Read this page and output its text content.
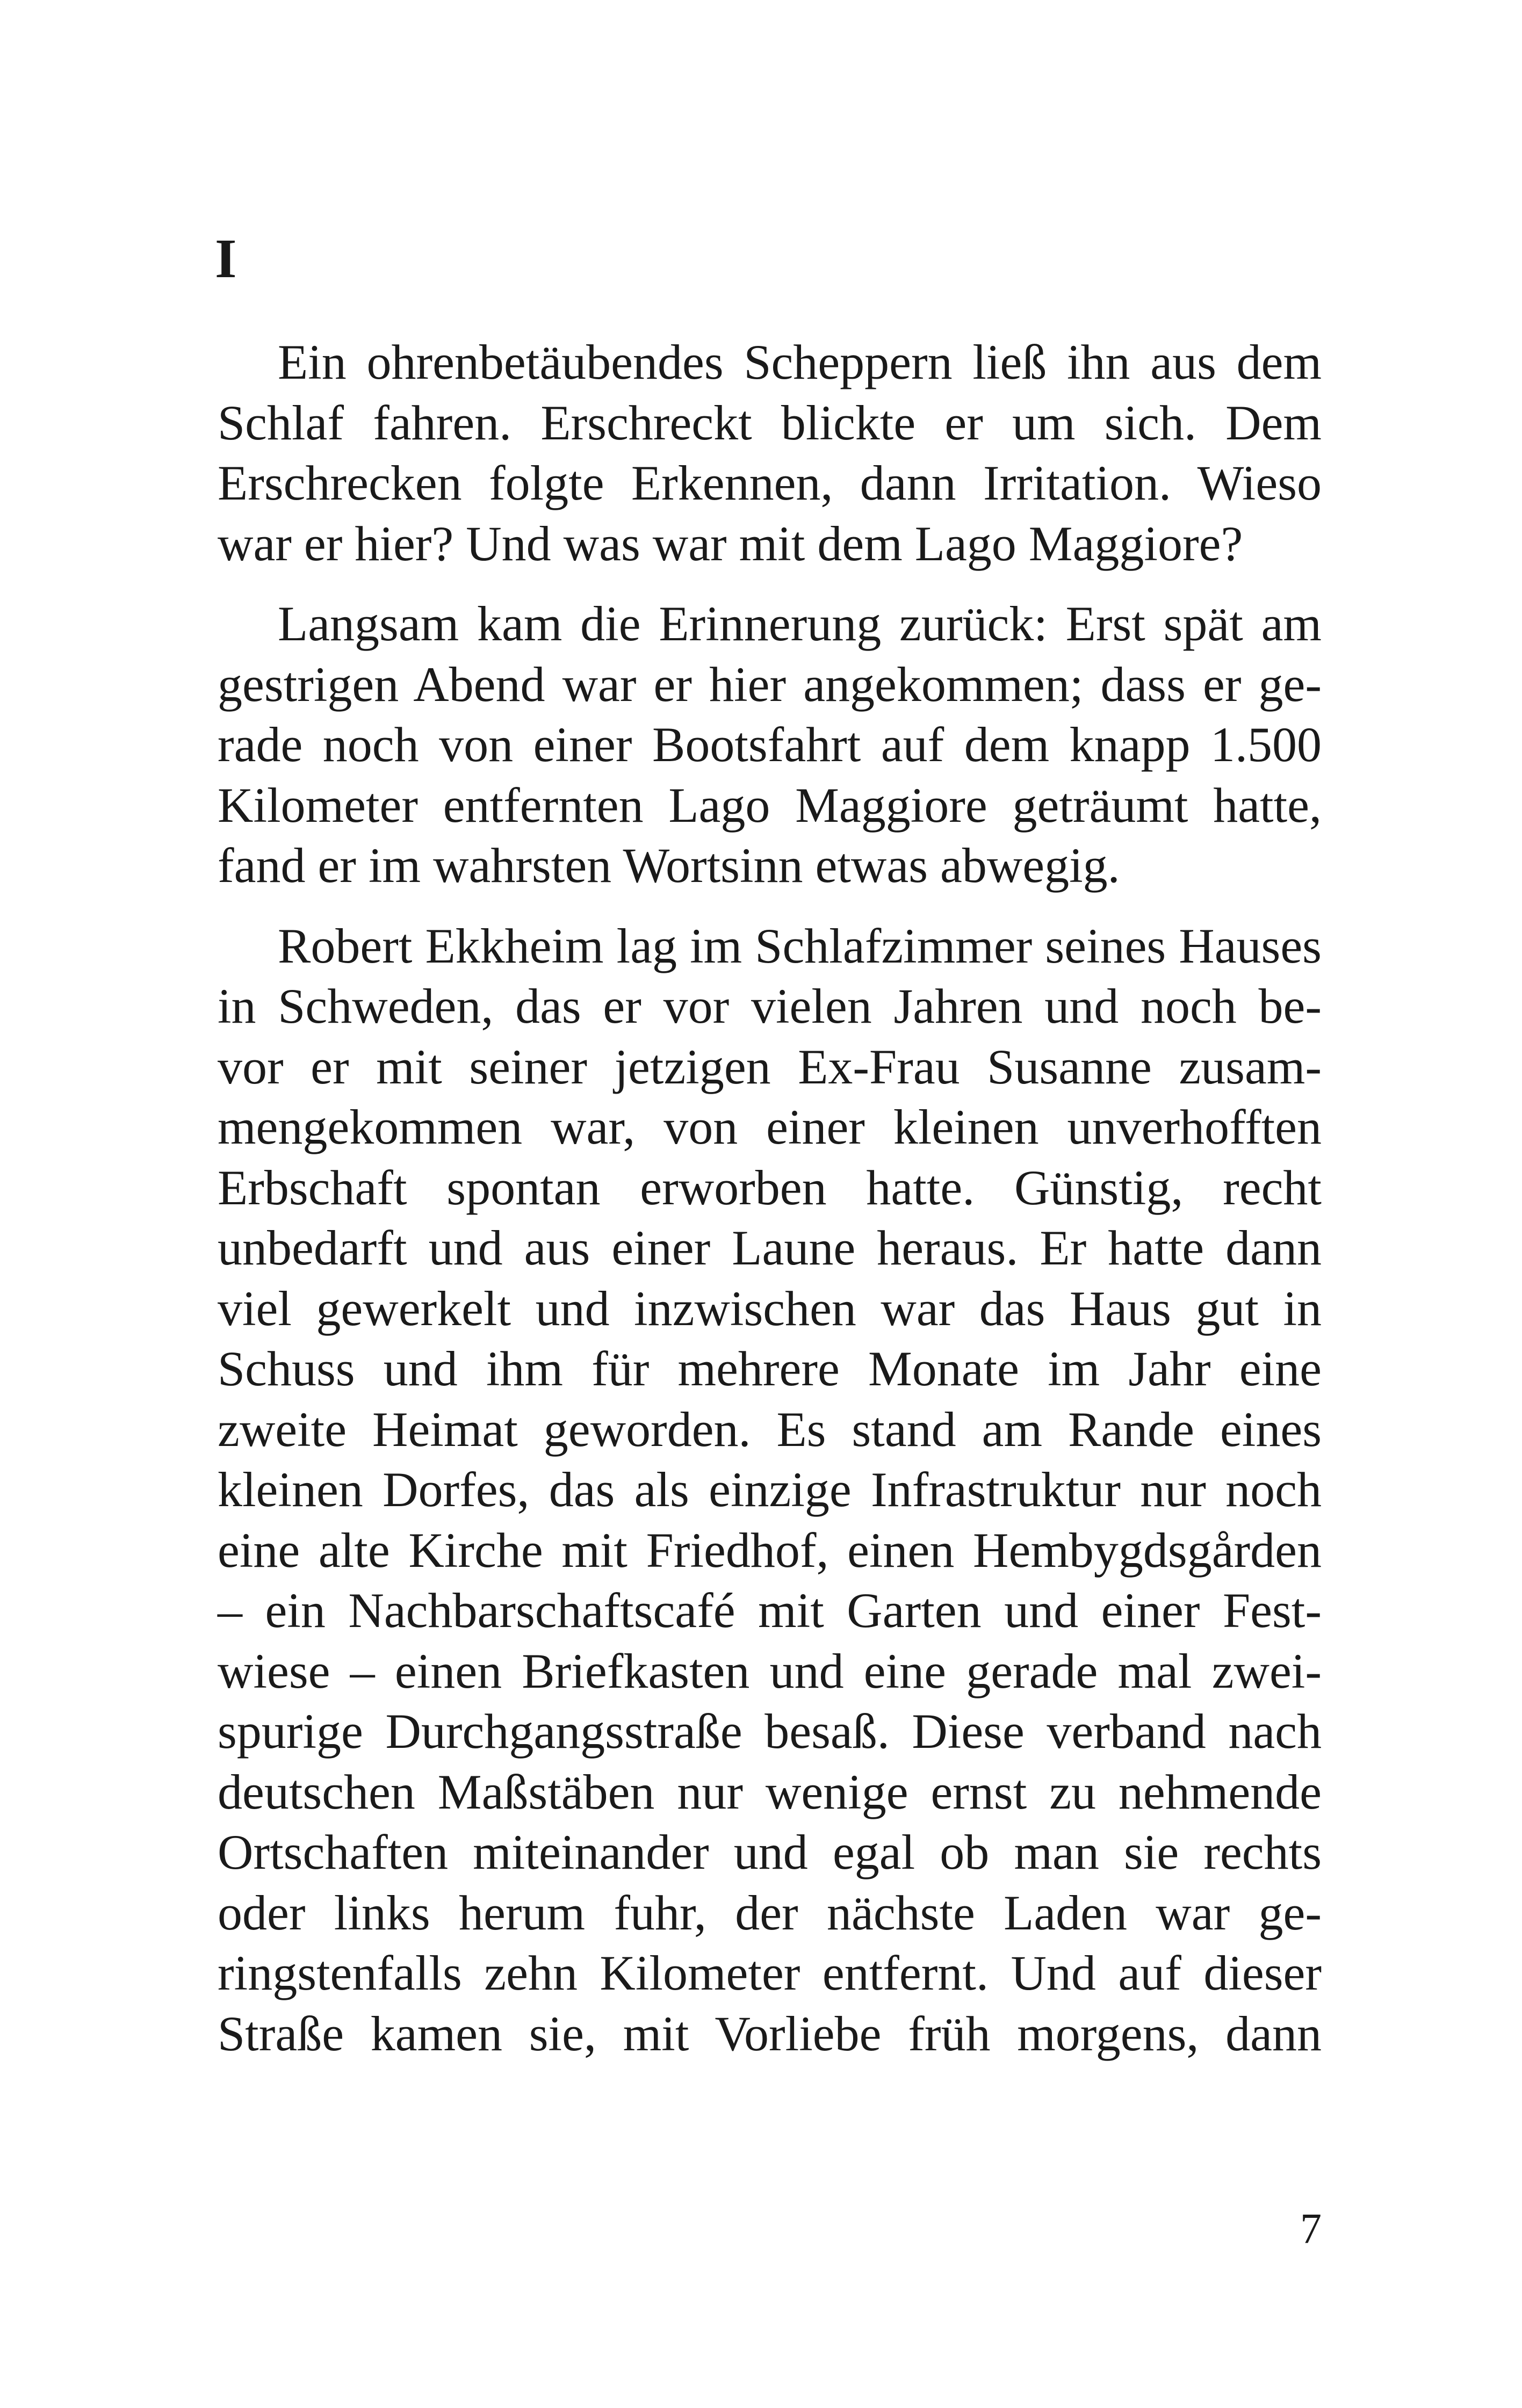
I
Ein ohrenbetäubendes Scheppern ließ ihn aus dem
Schlaf fahren. Erschreckt blickte er um sich. Dem
Erschrecken folgte Erkennen, dann Irritation. Wieso
war er hier? Und was war mit dem Lago Maggiore?
Langsam kam die Erinnerung zurück: Erst spät am
gestrigen Abend war er hier angekommen; dass er ge-
rade noch von einer Bootsfahrt auf dem knapp 1.500
Kilometer entfernten Lago Maggiore geträumt hatte,
fand er im wahrsten Wortsinn etwas abwegig.
Robert Ekkheim lag im Schlafzimmer seines Hauses
in Schweden, das er vor vielen Jahren und noch be-
vor er mit seiner jetzigen Ex-Frau Susanne zusam-
mengekommen war, von einer kleinen unverhofften
Erbschaft spontan erworben hatte. Günstig, recht
unbedarft und aus einer Laune heraus. Er hatte dann
viel gewerkelt und inzwischen war das Haus gut in
Schuss und ihm für mehrere Monate im Jahr eine
zweite Heimat geworden. Es stand am Rande eines
kleinen Dorfes, das als einzige Infrastruktur nur noch
eine alte Kirche mit Friedhof, einen Hembygdsgården
– ein Nachbarschaftscafé mit Garten und einer Fest-
wiese – einen Briefkasten und eine gerade mal zwei-
spurige Durchgangsstraße besaß. Diese verband nach
deutschen Maßstäben nur wenige ernst zu nehmende
Ortschaften miteinander und egal ob man sie rechts
oder links herum fuhr, der nächste Laden war ge-
ringstenfalls zehn Kilometer entfernt. Und auf dieser
Straße kamen sie, mit Vorliebe früh morgens, dann
7
